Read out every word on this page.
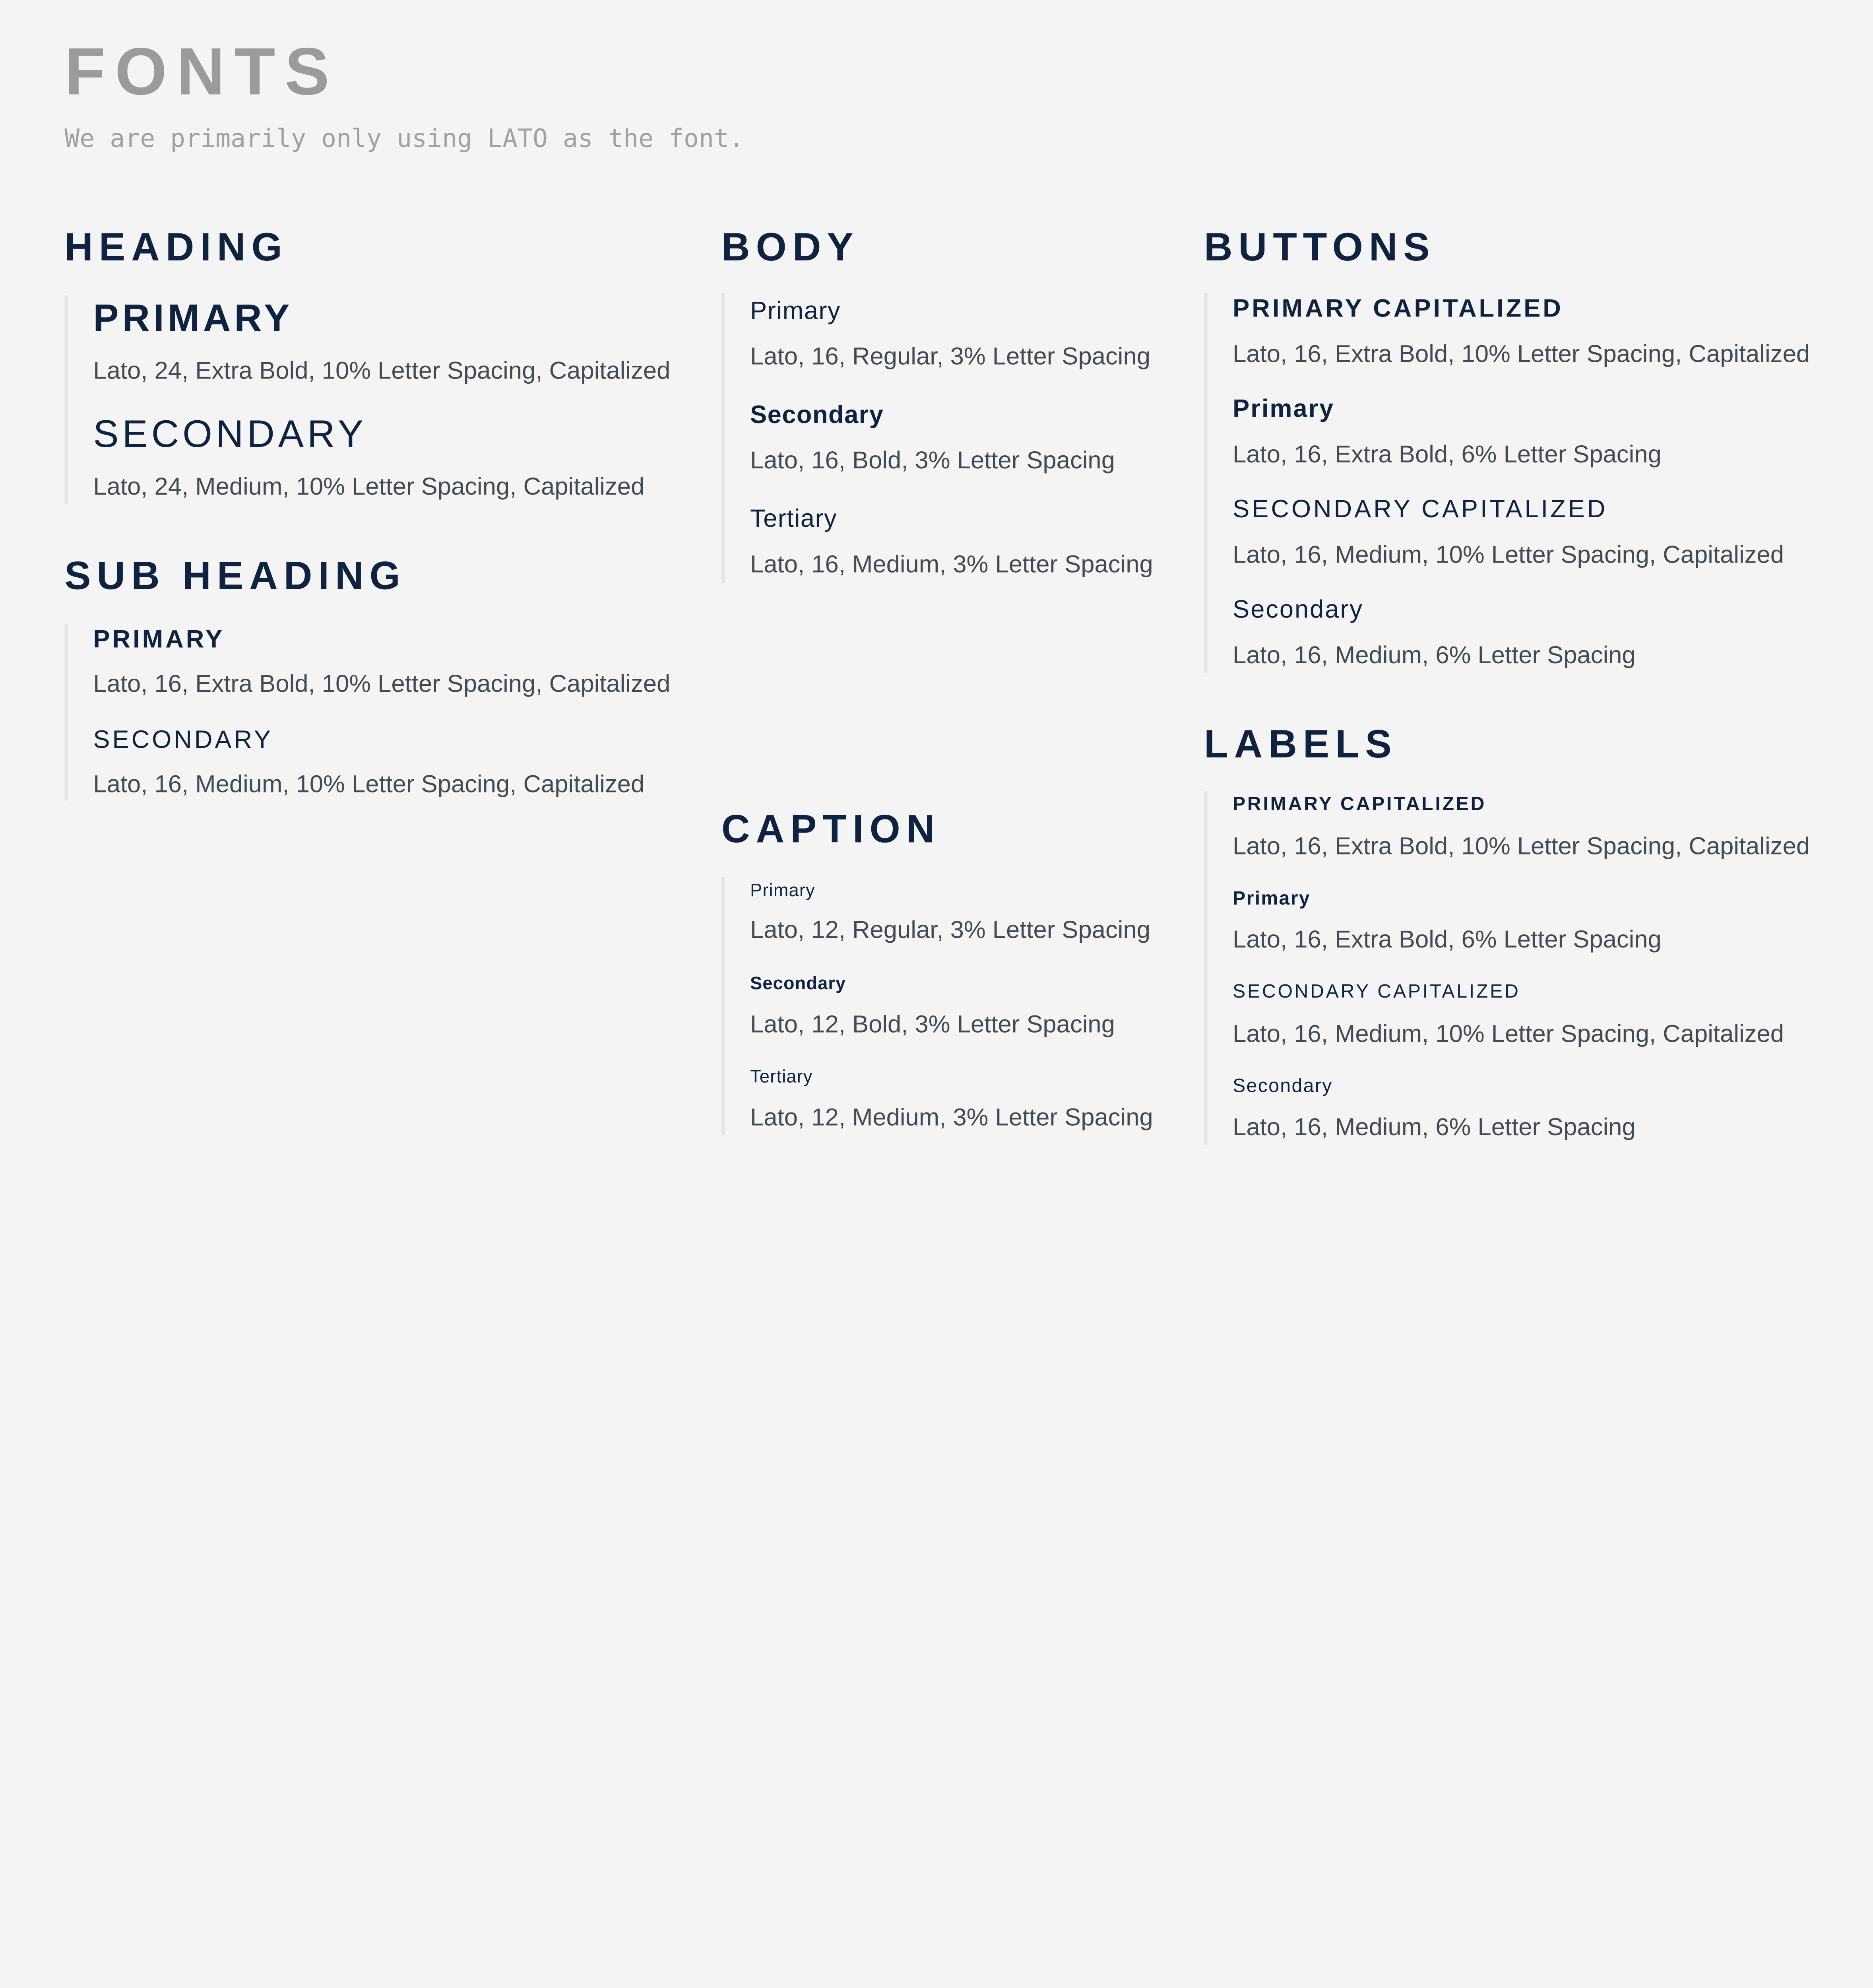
FONTS

We are primarily only using LATO as the font.

HEADING
PRIMARY
Lato, 24, Extra Bold, 10% Letter Spacing, Capitalized
SECONDARY
Lato, 24, Medium, 10% Letter Spacing, Capitalized
SUB HEADING
PRIMARY
Lato, 16, Extra Bold, 10% Letter Spacing, Capitalized
SECONDARY
Lato, 16, Medium, 10% Letter Spacing, Capitalized
BODY
Primary
Lato, 16, Regular, 3% Letter Spacing
Secondary
Lato, 16, Bold, 3% Letter Spacing
Tertiary
Lato, 16, Medium, 3% Letter Spacing
CAPTION
Primary
Lato, 12, Regular, 3% Letter Spacing
Secondary
Lato, 12, Bold, 3% Letter Spacing
Tertiary
Lato, 12, Medium, 3% Letter Spacing
BUTTONS
PRIMARY CAPITALIZED
Lato, 16, Extra Bold, 10% Letter Spacing, Capitalized
Primary
Lato, 16, Extra Bold, 6% Letter Spacing
SECONDARY CAPITALIZED
Lato, 16, Medium, 10% Letter Spacing, Capitalized
Secondary
Lato, 16, Medium, 6% Letter Spacing
LABELS
PRIMARY CAPITALIZED
Lato, 16, Extra Bold, 10% Letter Spacing, Capitalized
Primary
Lato, 16, Extra Bold, 6% Letter Spacing
SECONDARY CAPITALIZED
Lato, 16, Medium, 10% Letter Spacing, Capitalized
Secondary
Lato, 16, Medium, 6% Letter Spacing
